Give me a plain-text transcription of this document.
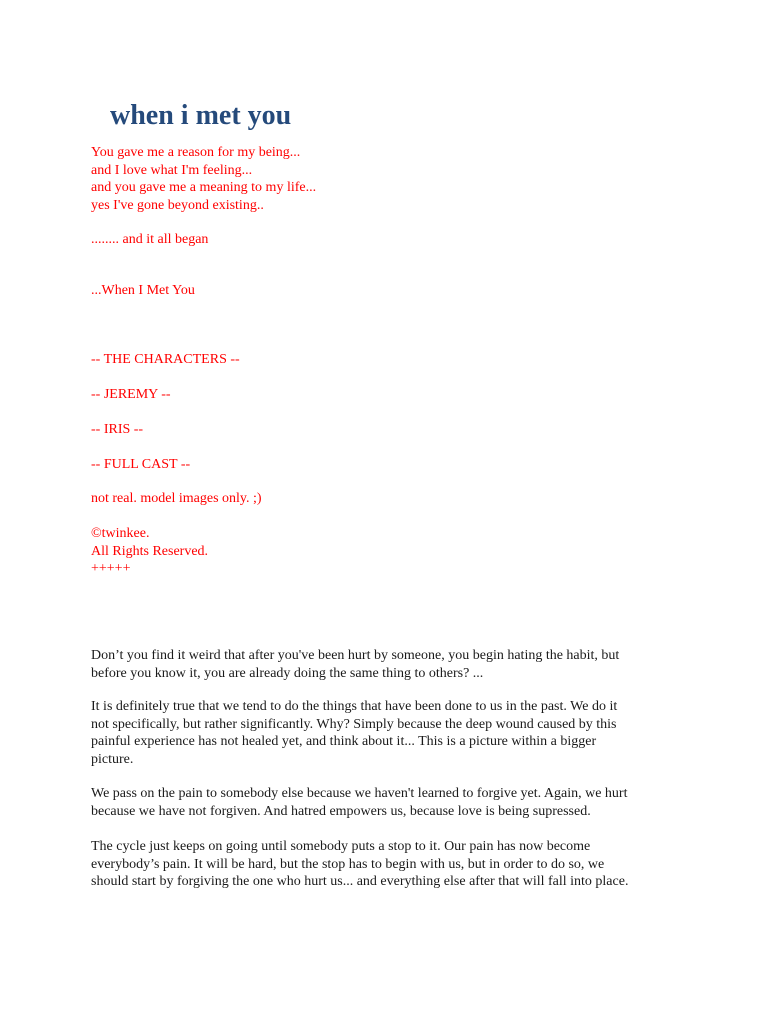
when i met you
You gave me a reason for my being...
and I love what I'm feeling...
and you gave me a meaning to my life...
yes I've gone beyond existing..

........ and it all began

...When I Met You

-- THE CHARACTERS --

-- JEREMY --

-- IRIS --

-- FULL CAST --

not real. model images only. ;)

©twinkee.
All Rights Reserved.
+++++

Don’t you find it weird that after you've been hurt by someone, you begin hating the habit, but
before you know it, you are already doing the same thing to others? ...

It is definitely true that we tend to do the things that have been done to us in the past. We do it
not specifically, but rather significantly. Why? Simply because the deep wound caused by this
painful experience has not healed yet, and think about it... This is a picture within a bigger
picture.

We pass on the pain to somebody else because we haven't learned to forgive yet. Again, we hurt
because we have not forgiven. And hatred empowers us, because love is being supressed.

The cycle just keeps on going until somebody puts a stop to it. Our pain has now become
everybody’s pain. It will be hard, but the stop has to begin with us, but in order to do so, we
should start by forgiving the one who hurt us... and everything else after that will fall into place.
